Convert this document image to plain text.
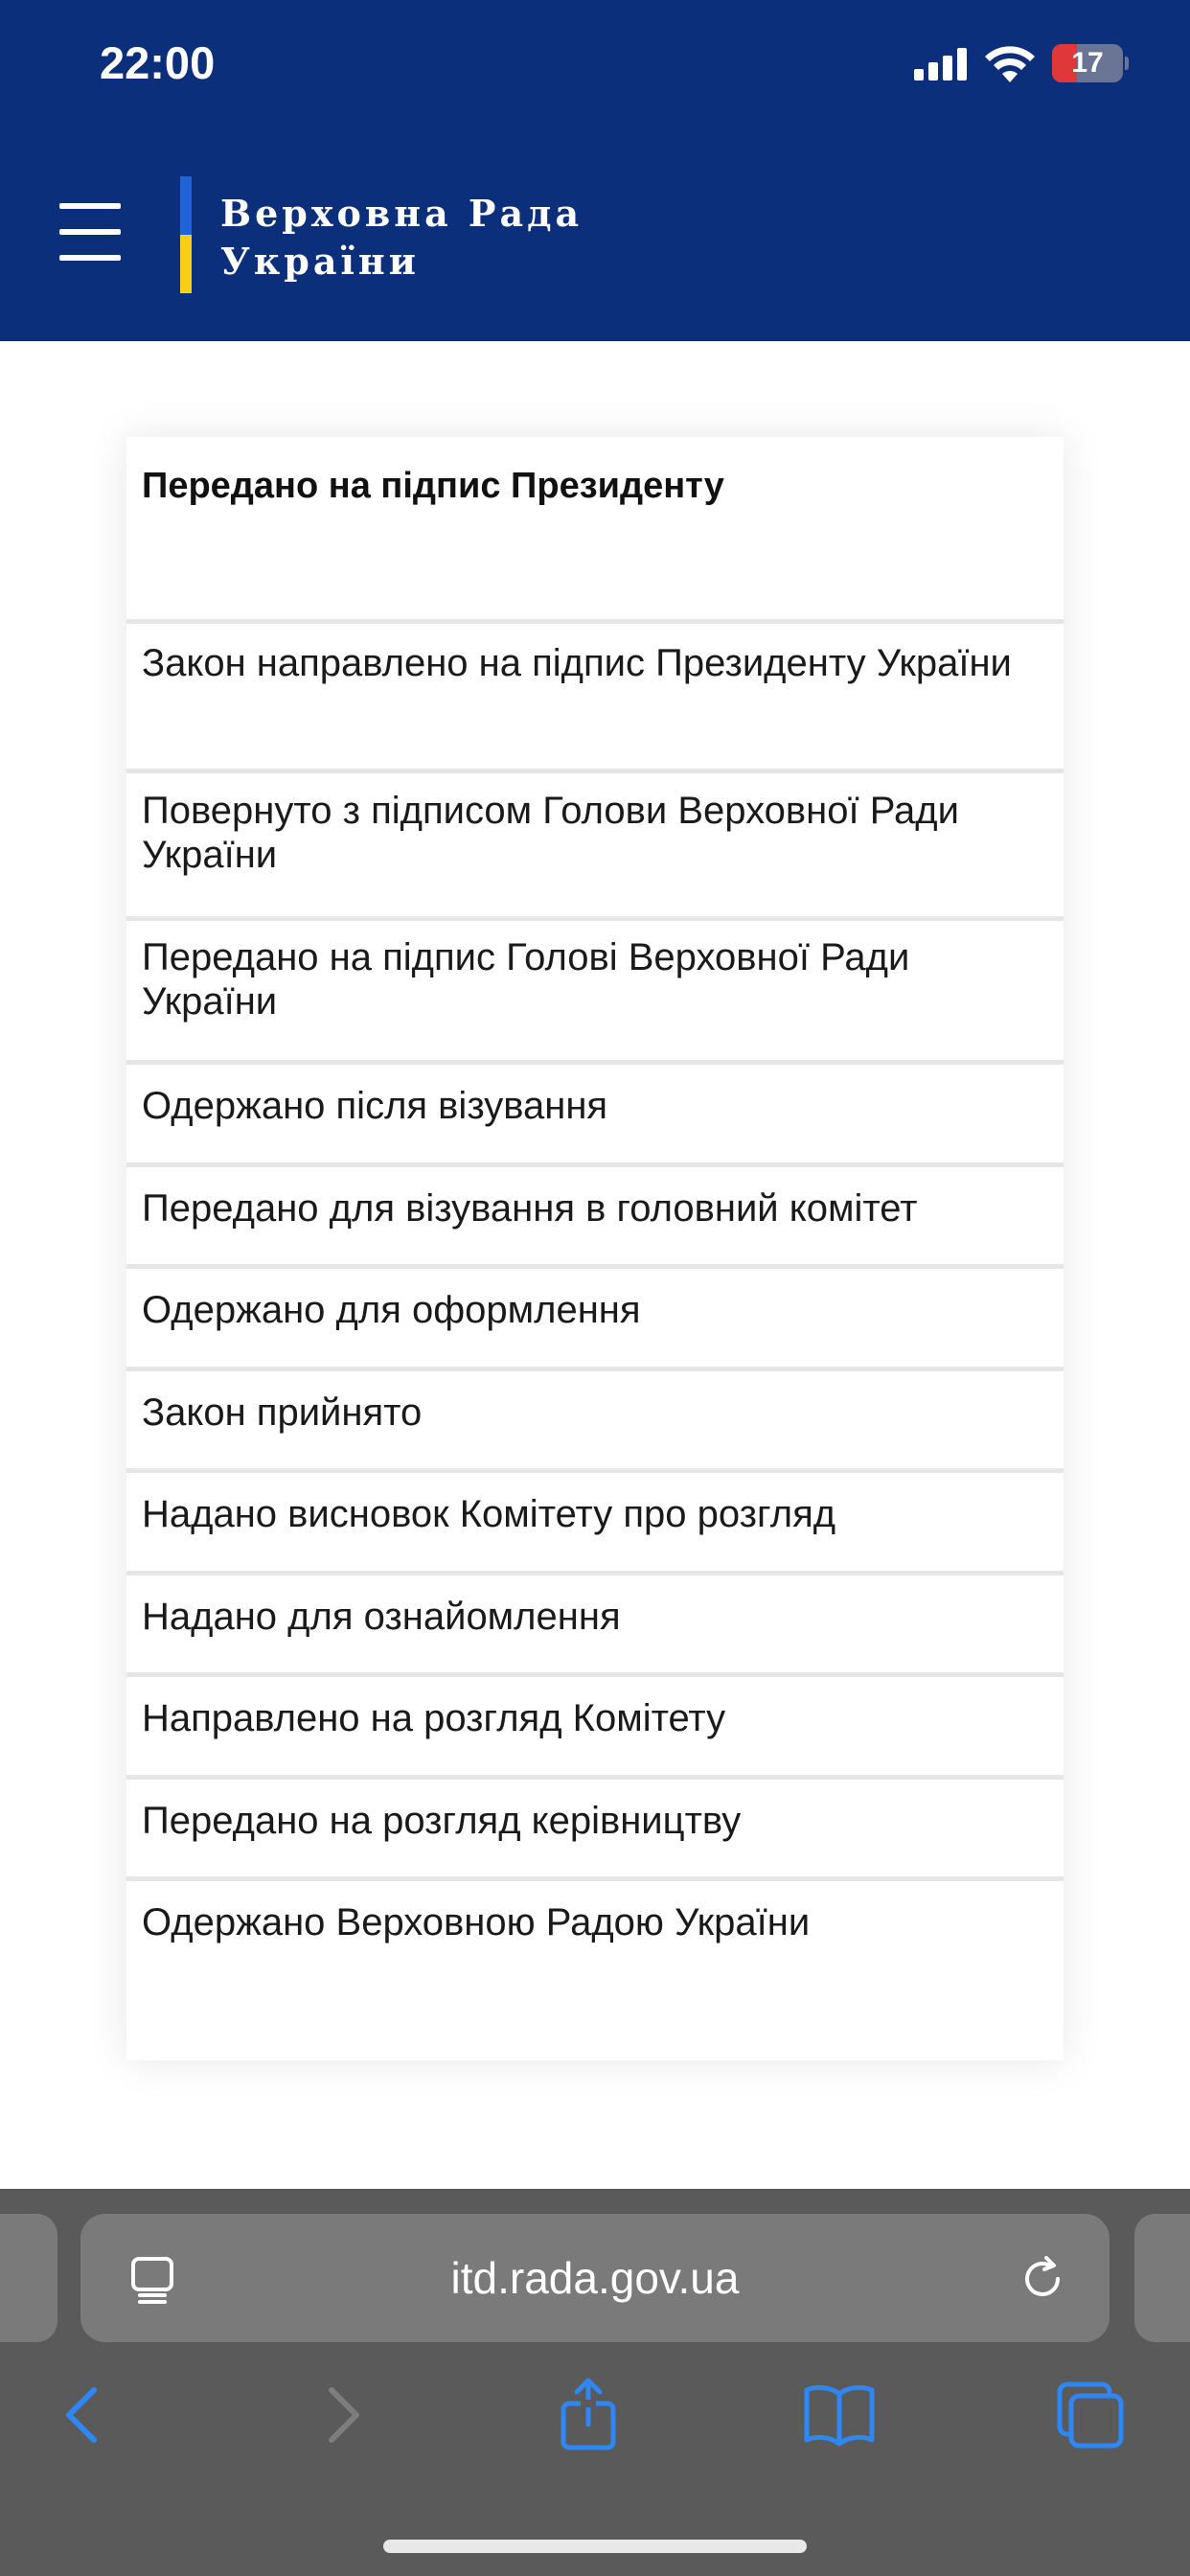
22:00	17
Верховна Рада
України
Передано на підпис Президенту
Закон направлено на підпис Президенту України
Повернуто з підписом Голови Верховної Ради України
Передано на підпис Голові Верховної Ради України
Одержано після візування
Передано для візування в головний комітет
Одержано для оформлення
Закон прийнято
Надано висновок Комітету про розгляд
Надано для ознайомлення
Направлено на розгляд Комітету
Передано на розгляд керівництву
Одержано Верховною Радою України
itd.rada.gov.ua
